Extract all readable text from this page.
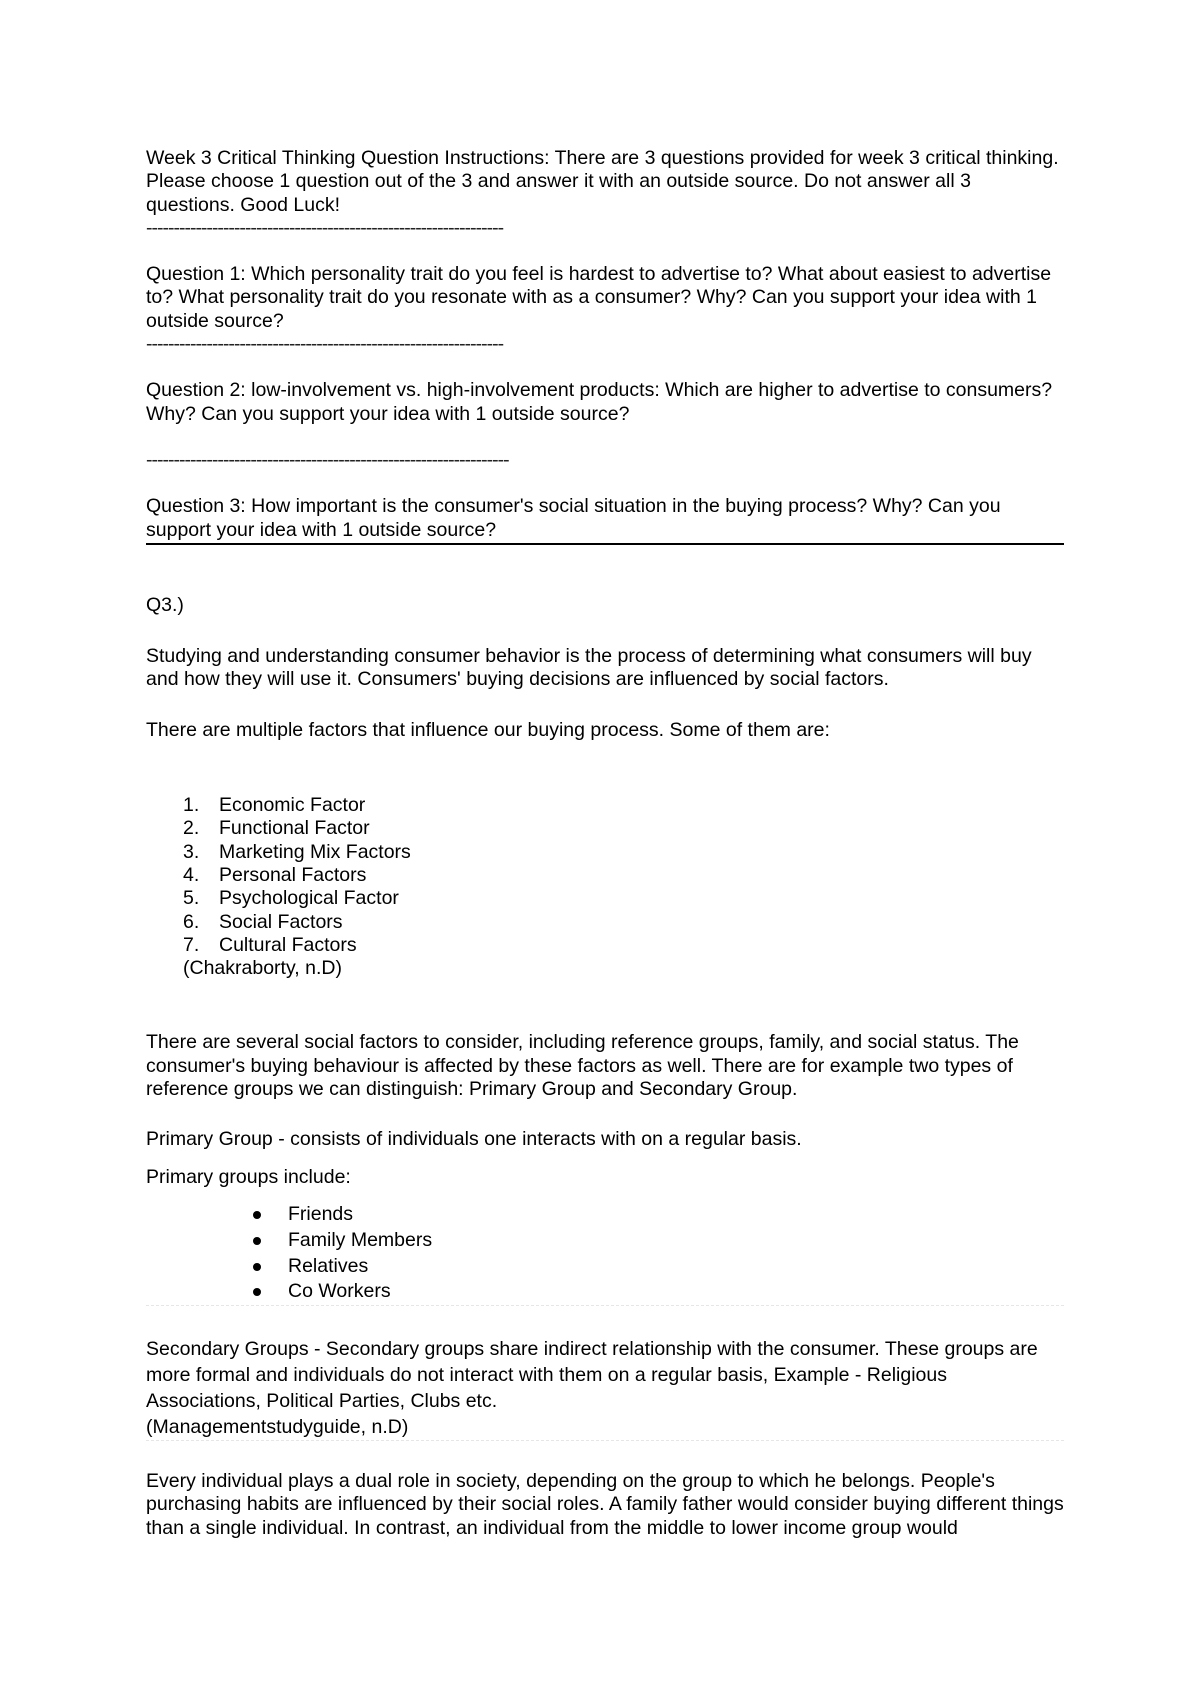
Week 3 Critical Thinking Question Instructions: There are 3 questions provided for week 3 critical thinking. Please choose 1 question out of the 3 and answer it with an outside source. Do not answer all 3 questions. Good Luck!

-----------------------------------------------------------------

Question 1: Which personality trait do you feel is hardest to advertise to? What about easiest to advertise to? What personality trait do you resonate with as a consumer? Why? Can you support your idea with 1 outside source?

-----------------------------------------------------------------

Question 2: low-involvement vs. high-involvement products: Which are higher to advertise to consumers? Why? Can you support your idea with 1 outside source?

------------------------------------------------------------------

Question 3: How important is the consumer's social situation in the buying process? Why? Can you support your idea with 1 outside source?

Q3.)

Studying and understanding consumer behavior is the process of determining what consumers will buy and how they will use it. Consumers' buying decisions are influenced by social factors.

There are multiple factors that influence our buying process. Some of them are:

1. Economic Factor
2. Functional Factor
3. Marketing Mix Factors
4. Personal Factors
5. Psychological Factor
6. Social Factors
7. Cultural Factors

(Chakraborty, n.D)

There are several social factors to consider, including reference groups, family, and social status. The consumer's buying behaviour is affected by these factors as well. There are for example two types of reference groups we can distinguish: Primary Group and Secondary Group.

Primary Group - consists of individuals one interacts with on a regular basis.

Primary groups include:

Friends
Family Members
Relatives
Co Workers

Secondary Groups - Secondary groups share indirect relationship with the consumer. These groups are more formal and individuals do not interact with them on a regular basis, Example - Religious Associations, Political Parties, Clubs etc.

(Managementstudyguide, n.D)

Every individual plays a dual role in society, depending on the group to which he belongs. People's purchasing habits are influenced by their social roles. A family father would consider buying different things than a single individual. In contrast, an individual from the middle to lower income group would
